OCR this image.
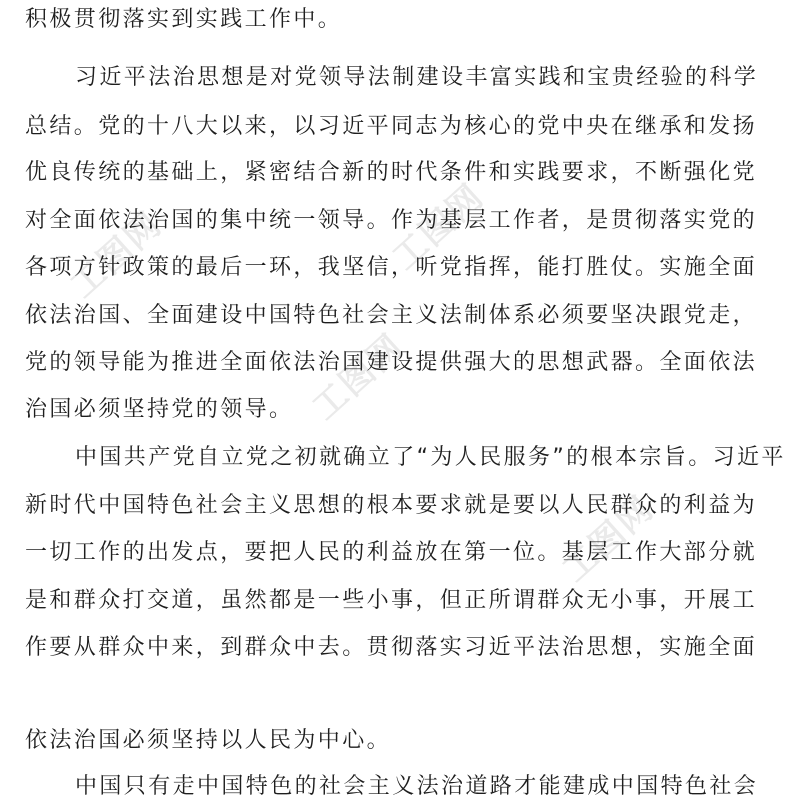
工图网	工图网
工图网
工图网
积极贯彻落实到实践工作中。
习近平法治思想是对党领导法制建设丰富实践和宝贵经验的科学
总结。党的十八大以来，以习近平同志为核心的党中央在继承和发扬
优良传统的基础上，紧密结合新的时代条件和实践要求，不断强化党
对全面依法治国的集中统一领导。作为基层工作者，是贯彻落实党的
各项方针政策的最后一环，我坚信，听党指挥，能打胜仗。实施全面
依法治国、全面建设中国特色社会主义法制体系必须要坚决跟党走，
党的领导能为推进全面依法治国建设提供强大的思想武器。全面依法
治国必须坚持党的领导。
中国共产党自立党之初就确立了“为人民服务”的根本宗旨。习近平
新时代中国特色社会主义思想的根本要求就是要以人民群众的利益为
一切工作的出发点，要把人民的利益放在第一位。基层工作大部分就
是和群众打交道，虽然都是一些小事，但正所谓群众无小事，开展工
作要从群众中来，到群众中去。贯彻落实习近平法治思想，实施全面
依法治国必须坚持以人民为中心。
中国只有走中国特色的社会主义法治道路才能建成中国特色社会
